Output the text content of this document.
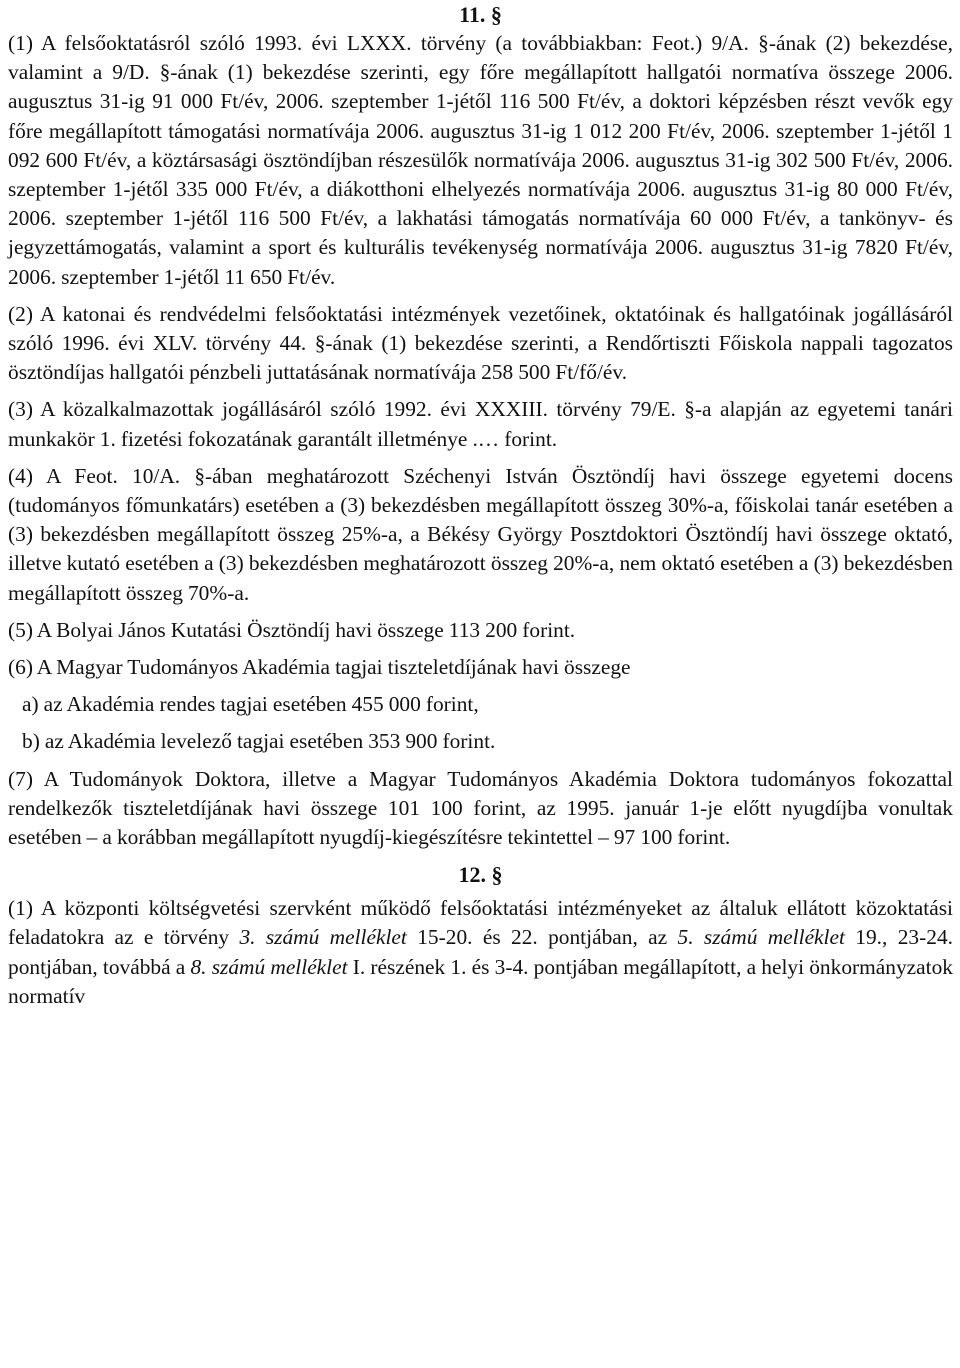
11. §

(1) A felsőoktatásról szóló 1993. évi LXXX. törvény (a továbbiakban: Feot.) 9/A. §-ának (2) bekezdése, valamint a 9/D. §-ának (1) bekezdése szerinti, egy főre megállapított hallgatói normatíva összege 2006. augusztus 31-ig 91 000 Ft/év, 2006. szeptember 1-jétől 116 500 Ft/év, a doktori képzésben részt vevők egy főre megállapított támogatási normatívája 2006. augusztus 31-ig 1 012 200 Ft/év, 2006. szeptember 1-jétől 1 092 600 Ft/év, a köztársasági ösztöndíjban részesülők normatívája 2006. augusztus 31-ig 302 500 Ft/év, 2006. szeptember 1-jétől 335 000 Ft/év, a diákotthoni elhelyezés normatívája 2006. augusztus 31-ig 80 000 Ft/év, 2006. szeptember 1-jétől 116 500 Ft/év, a lakhatási támogatás normatívája 60 000 Ft/év, a tankönyv- és jegyzettámogatás, valamint a sport és kulturális tevékenység normatívája 2006. augusztus 31-ig 7820 Ft/év, 2006. szeptember 1-jétől 11 650 Ft/év.

(2) A katonai és rendvédelmi felsőoktatási intézmények vezetőinek, oktatóinak és hallgatóinak jogállásáról szóló 1996. évi XLV. törvény 44. §-ának (1) bekezdése szerinti, a Rendőrtiszti Főiskola nappali tagozatos ösztöndíjas hallgatói pénzbeli juttatásának normatívája 258 500 Ft/fő/év.

(3) A közalkalmazottak jogállásáról szóló 1992. évi XXXIII. törvény 79/E. §-a alapján az egyetemi tanári munkakör 1. fizetési fokozatának garantált illetménye .… forint.

(4) A Feot. 10/A. §-ában meghatározott Széchenyi István Ösztöndíj havi összege egyetemi docens (tudományos főmunkatárs) esetében a (3) bekezdésben megállapított összeg 30%-a, főiskolai tanár esetében a (3) bekezdésben megállapított összeg 25%-a, a Békésy György Posztdoktori Ösztöndíj havi összege oktató, illetve kutató esetében a (3) bekezdésben meghatározott összeg 20%-a, nem oktató esetében a (3) bekezdésben megállapított összeg 70%-a.

(5) A Bolyai János Kutatási Ösztöndíj havi összege 113 200 forint.

(6) A Magyar Tudományos Akadémia tagjai tiszteletdíjának havi összege

a) az Akadémia rendes tagjai esetében 455 000 forint,

b) az Akadémia levelező tagjai esetében 353 900 forint.

(7) A Tudományok Doktora, illetve a Magyar Tudományos Akadémia Doktora tudományos fokozattal rendelkezők tiszteletdíjának havi összege 101 100 forint, az 1995. január 1-je előtt nyugdíjba vonultak esetében – a korábban megállapított nyugdíj-kiegészítésre tekintettel – 97 100 forint.

12. §

(1) A központi költségvetési szervként működő felsőoktatási intézményeket az általuk ellátott közoktatási feladatokra az e törvény 3. számú melléklet 15-20. és 22. pontjában, az 5. számú melléklet 19., 23-24. pontjában, továbbá a 8. számú melléklet I. részének 1. és 3-4. pontjában megállapított, a helyi önkormányzatok normatív
